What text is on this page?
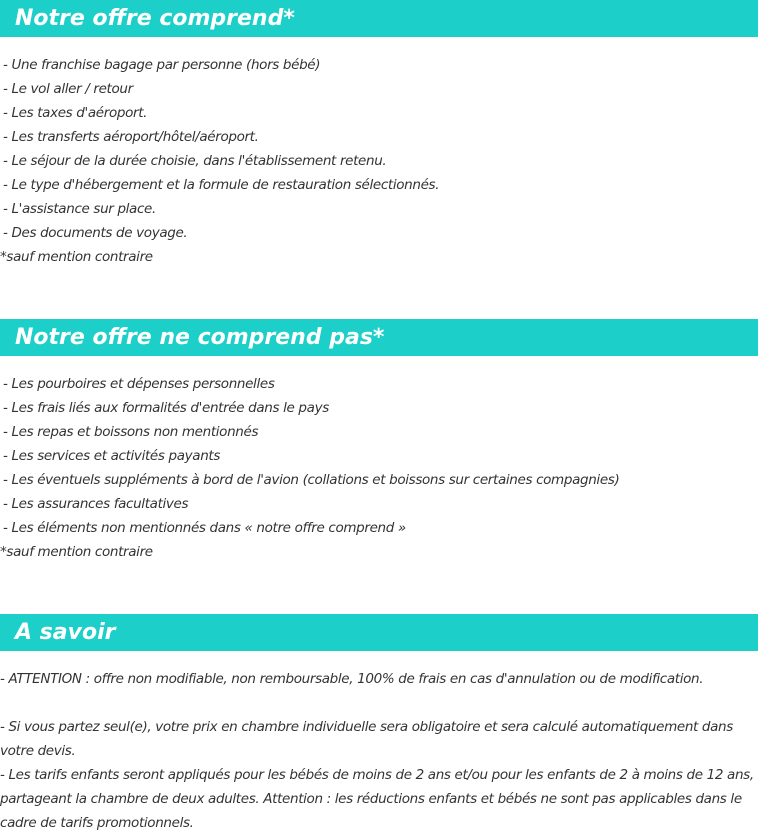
Notre offre comprend*
- Une franchise bagage par personne (hors bébé)
- Le vol aller / retour
- Les taxes d'aéroport.
- Les transferts aéroport/hôtel/aéroport.
- Le séjour de la durée choisie, dans l'établissement retenu.
- Le type d'hébergement et la formule de restauration sélectionnés.
- L'assistance sur place.
- Des documents de voyage.
*sauf mention contraire
Notre offre ne comprend pas*
- Les pourboires et dépenses personnelles
- Les frais liés aux formalités d'entrée dans le pays
- Les repas et boissons non mentionnés
- Les services et activités payants
- Les éventuels suppléments à bord de l'avion (collations et boissons sur certaines compagnies)
- Les assurances facultatives
- Les éléments non mentionnés dans « notre offre comprend »
*sauf mention contraire
A savoir

- ATTENTION : offre non modifiable, non remboursable, 100% de frais en cas d'annulation ou de modification.

- Si vous partez seul(e), votre prix en chambre individuelle sera obligatoire et sera calculé automatiquement dans votre devis.

- Les tarifs enfants seront appliqués pour les bébés de moins de 2 ans et/ou pour les enfants de 2 à moins de 12 ans, partageant la chambre de deux adultes. Attention : les réductions enfants et bébés ne sont pas applicables dans le cadre de tarifs promotionnels.
